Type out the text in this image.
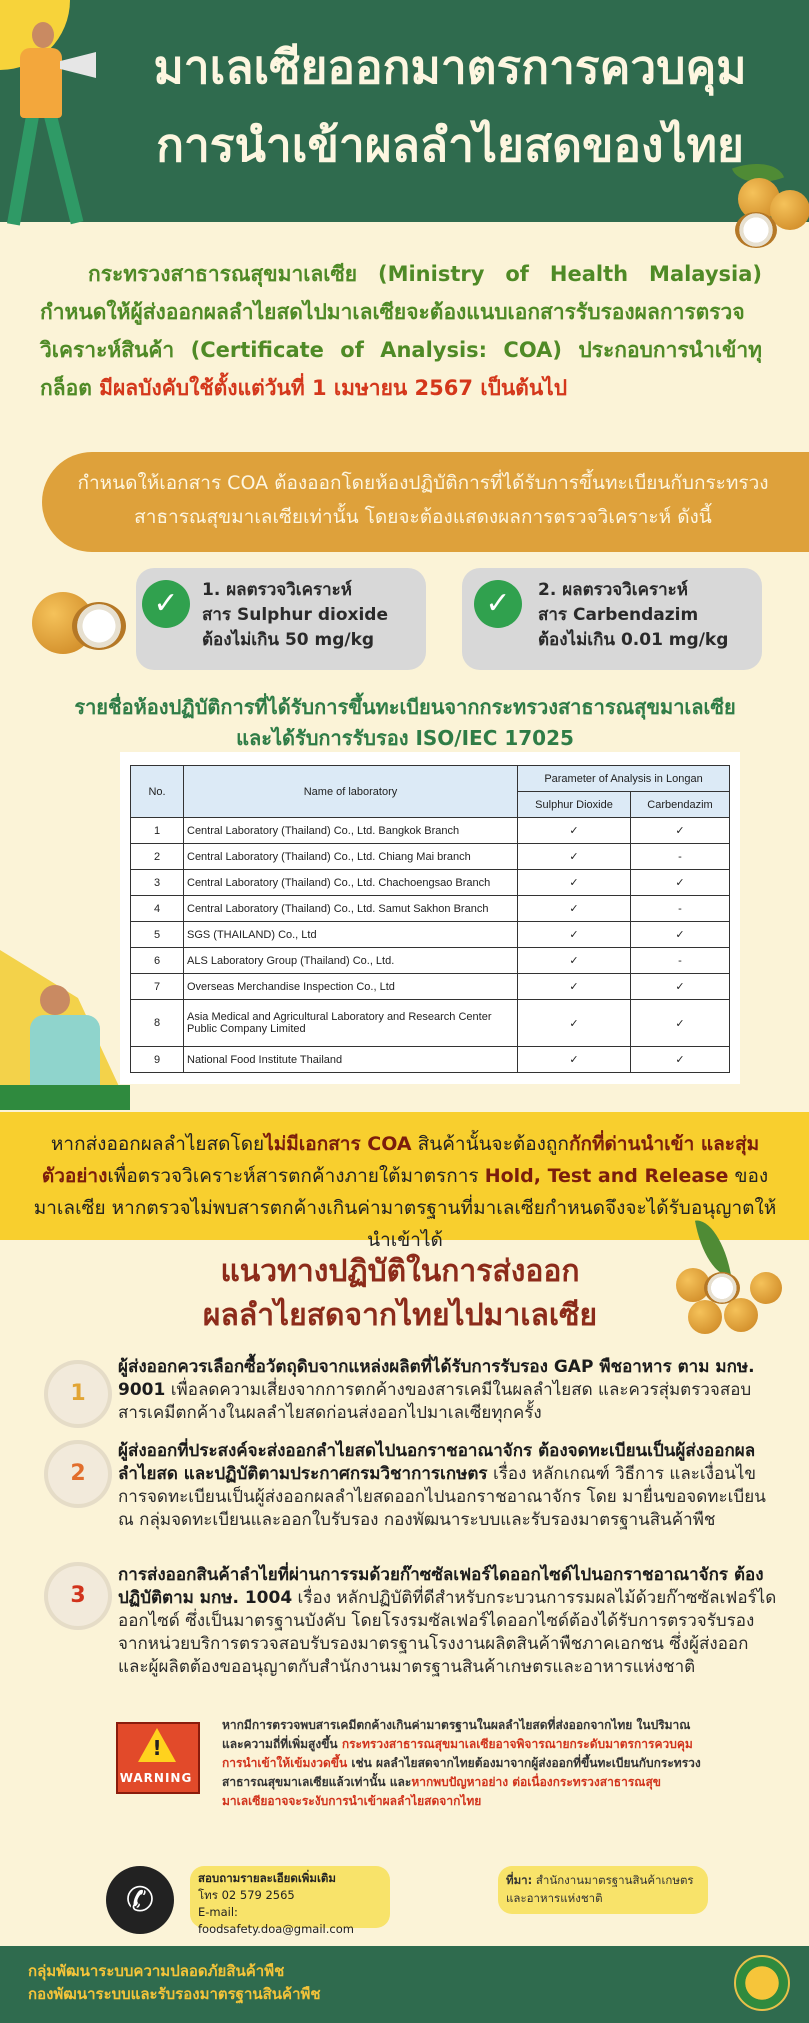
มาเลเซียออกมาตรการควบคุม
การนำเข้าผลลำไยสดของไทย
กระทรวงสาธารณสุขมาเลเซีย (Ministry of Health Malaysia) กำหนดให้ผู้ส่งออกผลลำไยสดไปมาเลเซียจะต้องแนบเอกสารรับรองผลการตรวจวิเคราะห์สินค้า (Certificate of Analysis: COA) ประกอบการนำเข้าทุกล็อต มีผลบังคับใช้ตั้งแต่วันที่ 1 เมษายน 2567 เป็นต้นไป
กำหนดให้เอกสาร COA ต้องออกโดยห้องปฏิบัติการที่ได้รับการขึ้นทะเบียนกับกระทรวงสาธารณสุขมาเลเซียเท่านั้น โดยจะต้องแสดงผลการตรวจวิเคราะห์ ดังนี้
✓	1. ผลตรวจวิเคราะห์
สาร Sulphur dioxide
ต้องไม่เกิน 50 mg/kg
✓	2. ผลตรวจวิเคราะห์
สาร Carbendazim
ต้องไม่เกิน 0.01 mg/kg
รายชื่อห้องปฏิบัติการที่ได้รับการขึ้นทะเบียนจากกระทรวงสาธารณสุขมาเลเซีย
และได้รับการรับรอง ISO/IEC 17025
No.	Name of laboratory	Parameter of Analysis in Longan	
		Sulphur Dioxide	Carbendazim
1	Central Laboratory (Thailand) Co., Ltd. Bangkok Branch	✓	✓
2	Central Laboratory (Thailand) Co., Ltd. Chiang Mai branch	✓	-
3	Central Laboratory (Thailand) Co., Ltd. Chachoengsao Branch	✓	✓
4	Central Laboratory (Thailand) Co., Ltd. Samut Sakhon Branch	✓	-
5	SGS (THAILAND) Co., Ltd	✓	✓
6	ALS Laboratory Group (Thailand) Co., Ltd.	✓	-
7	Overseas Merchandise Inspection Co., Ltd	✓	✓
8	Asia Medical and Agricultural Laboratory and Research Center Public Company Limited	✓	✓
9	National Food Institute Thailand	✓	✓
หากส่งออกผลลำไยสดโดยไม่มีเอกสาร COA สินค้านั้นจะต้องถูกกักที่ด่านนำเข้า และสุ่มตัวอย่างเพื่อตรวจวิเคราะห์สารตกค้างภายใต้มาตรการ Hold, Test and Release ของมาเลเซีย หากตรวจไม่พบสารตกค้างเกินค่ามาตรฐานที่มาเลเซียกำหนดจึงจะได้รับอนุญาตให้นำเข้าได้
แนวทางปฏิบัติในการส่งออก
ผลลำไยสดจากไทยไปมาเลเซีย
1
ผู้ส่งออกควรเลือกซื้อวัตถุดิบจากแหล่งผลิตที่ได้รับการรับรอง GAP พืชอาหาร ตาม มกษ. 9001 เพื่อลดความเสี่ยงจากการตกค้างของสารเคมีในผลลำไยสด และควรสุ่มตรวจสอบสารเคมีตกค้างในผลลำไยสดก่อนส่งออกไปมาเลเซียทุกครั้ง
2
ผู้ส่งออกที่ประสงค์จะส่งออกลำไยสดไปนอกราชอาณาจักร ต้องจดทะเบียนเป็นผู้ส่งออกผลลำไยสด และปฏิบัติตามประกาศกรมวิชาการเกษตร เรื่อง หลักเกณฑ์ วิธีการ และเงื่อนไขการจดทะเบียนเป็นผู้ส่งออกผลลำไยสดออกไปนอกราชอาณาจักร โดย มายื่นขอจดทะเบียน ณ กลุ่มจดทะเบียนและออกใบรับรอง กองพัฒนาระบบและรับรองมาตรฐานสินค้าพืช
3
การส่งออกสินค้าลำไยที่ผ่านการรมด้วยก๊าซซัลเฟอร์ไดออกไซด์ไปนอกราชอาณาจักร ต้องปฏิบัติตาม มกษ. 1004 เรื่อง หลักปฏิบัติที่ดีสำหรับกระบวนการรมผลไม้ด้วยก๊าซซัลเฟอร์ไดออกไซด์ ซึ่งเป็นมาตรฐานบังคับ โดยโรงรมซัลเฟอร์ไดออกไซด์ต้องได้รับการตรวจรับรองจากหน่วยบริการตรวจสอบรับรองมาตรฐานโรงงานผลิตสินค้าพืชภาคเอกชน ซึ่งผู้ส่งออกและผู้ผลิตต้องขออนุญาตกับสำนักงานมาตรฐานสินค้าเกษตรและอาหารแห่งชาติ
!
WARNING
หากมีการตรวจพบสารเคมีตกค้างเกินค่ามาตรฐานในผลลำไยสดที่ส่งออกจากไทย ในปริมาณและความถี่ที่เพิ่มสูงขึ้น กระทรวงสาธารณสุขมาเลเซียอาจพิจารณายกระดับมาตรการควบคุมการนำเข้าให้เข้มงวดขึ้น เช่น ผลลำไยสดจากไทยต้องมาจากผู้ส่งออกที่ขึ้นทะเบียนกับกระทรวงสาธารณสุขมาเลเซียแล้วเท่านั้น และหากพบปัญหาอย่าง ต่อเนื่องกระทรวงสาธารณสุขมาเลเซียอาจจะระงับการนำเข้าผลลำไยสดจากไทย
✆
สอบถามรายละเอียดเพิ่มเติม
โทร 02 579 2565
E-mail: foodsafety.doa@gmail.com
ที่มา: สำนักงานมาตรฐานสินค้าเกษตรและอาหารแห่งชาติ
กลุ่มพัฒนาระบบความปลอดภัยสินค้าพืช
กองพัฒนาระบบและรับรองมาตรฐานสินค้าพืช
